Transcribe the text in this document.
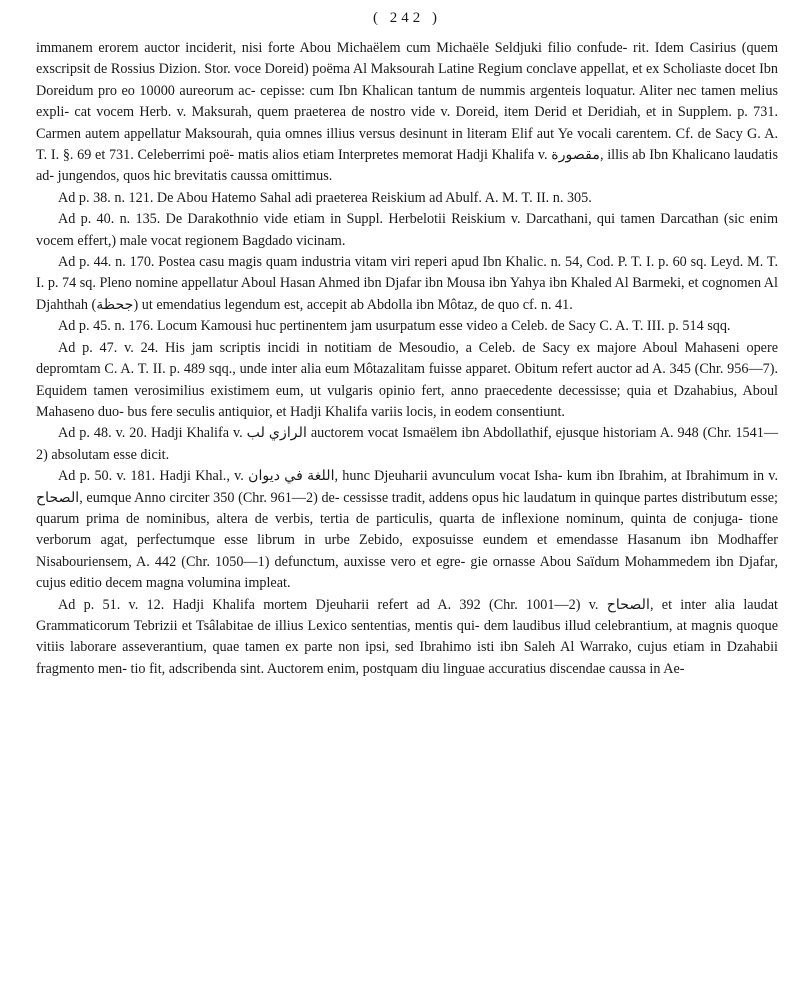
( 242 )

immanem erorem auctor inciderit, nisi forte Abou Michaëlem cum Michaële Seldjuki filio confude- rit. Idem Casirius (quem exscripsit de Rossius Dizion. Stor. voce Doreid) poëma Al Maksourah Latine Regium conclave appellat, et ex Scholiaste docet Ibn Doreidum pro eo 10000 aureorum ac- cepisse: cum Ibn Khalican tantum de nummis argenteis loquatur. Aliter nec tamen melius expli- cat vocem Herb. v. Maksurah, quem praeterea de nostro vide v. Doreid, item Derid et Deridiah, et in Supplem. p. 731. Carmen autem appellatur Maksourah, quia omnes illius versus desinunt in literam Elif aut Ye vocali carentem. Cf. de Sacy G. A. T. I. §. 69 et 731. Celeberrimi poë- matis alios etiam Interpretes memorat Hadji Khalifa v. مقصورة, illis ab Ibn Khalicano laudatis ad- jungendos, quos hic brevitatis caussa omittimus.

Ad p. 38. n. 121. De Abou Hatemo Sahal adi praeterea Reiskium ad Abulf. A. M. T. II. n. 305.

Ad p. 40. n. 135. De Darakothnio vide etiam in Suppl. Herbelotii Reiskium v. Darcathani, qui tamen Darcathan (sic enim vocem effert,) male vocat regionem Bagdado vicinam.

Ad p. 44. n. 170. Postea casu magis quam industria vitam viri reperi apud Ibn Khalic. n. 54, Cod. P. T. I. p. 60 sq. Leyd. M. T. I. p. 74 sq. Pleno nomine appellatur Aboul Hasan Ahmed ibn Djafar ibn Mousa ibn Yahya ibn Khaled Al Barmeki, et cognomen Al Djahthah (جحظة) ut emendatius legendum est, accepit ab Abdolla ibn Môtaz, de quo cf. n. 41.

Ad p. 45. n. 176. Locum Kamousi huc pertinentem jam usurpatum esse video a Celeb. de Sacy C. A. T. III. p. 514 sqq.

Ad p. 47. v. 24. His jam scriptis incidi in notitiam de Mesoudio, a Celeb. de Sacy ex majore Aboul Mahaseni opere depromtam C. A. T. II. p. 489 sqq., unde inter alia eum Môtazalitam fuisse apparet. Obitum refert auctor ad A. 345 (Chr. 956—7). Equidem tamen verosimilius existimem eum, ut vulgaris opinio fert, anno praecedente decessisse; quia et Dzahabius, Aboul Mahaseno duo- bus fere seculis antiquior, et Hadji Khalifa variis locis, in eodem consentiunt.

Ad p. 48. v. 20. Hadji Khalifa v. الرازي لب auctorem vocat Ismaëlem ibn Abdollathif, ejusque historiam A. 948 (Chr. 1541—2) absolutam esse dicit.

Ad p. 50. v. 181. Hadji Khal., v. اللغة في ديوان, hunc Djeuharii avunculum vocat Isha- kum ibn Ibrahim, at Ibrahimum in v. الصحاح, eumque Anno circiter 350 (Chr. 961—2) de- cessisse tradit, addens opus hic laudatum in quinque partes distributum esse; quarum prima de nominibus, altera de verbis, tertia de particulis, quarta de inflexione nominum, quinta de conjuga- tione verborum agat, perfectumque esse librum in urbe Zebido, exposuisse eundem et emendasse Hasanum ibn Modhaffer Nisabouriensem, A. 442 (Chr. 1050—1) defunctum, auxisse vero et egre- gie ornasse Abou Saïdum Mohammedem ibn Djafar, cujus editio decem magna volumina impleat.

Ad p. 51. v. 12. Hadji Khalifa mortem Djeuharii refert ad A. 392 (Chr. 1001—2) v. الصحاح, et inter alia laudat Grammaticorum Tebrizii et Tsâlabitae de illius Lexico sententias, mentis qui- dem laudibus illud celebrantium, at magnis quoque vitiis laborare asseverantium, quae tamen ex parte non ipsi, sed Ibrahimo isti ibn Saleh Al Warrako, cujus etiam in Dzahabii fragmento men- tio fit, adscribenda sint. Auctorem enim, postquam diu linguae accuratius discendae caussa in Ae-
